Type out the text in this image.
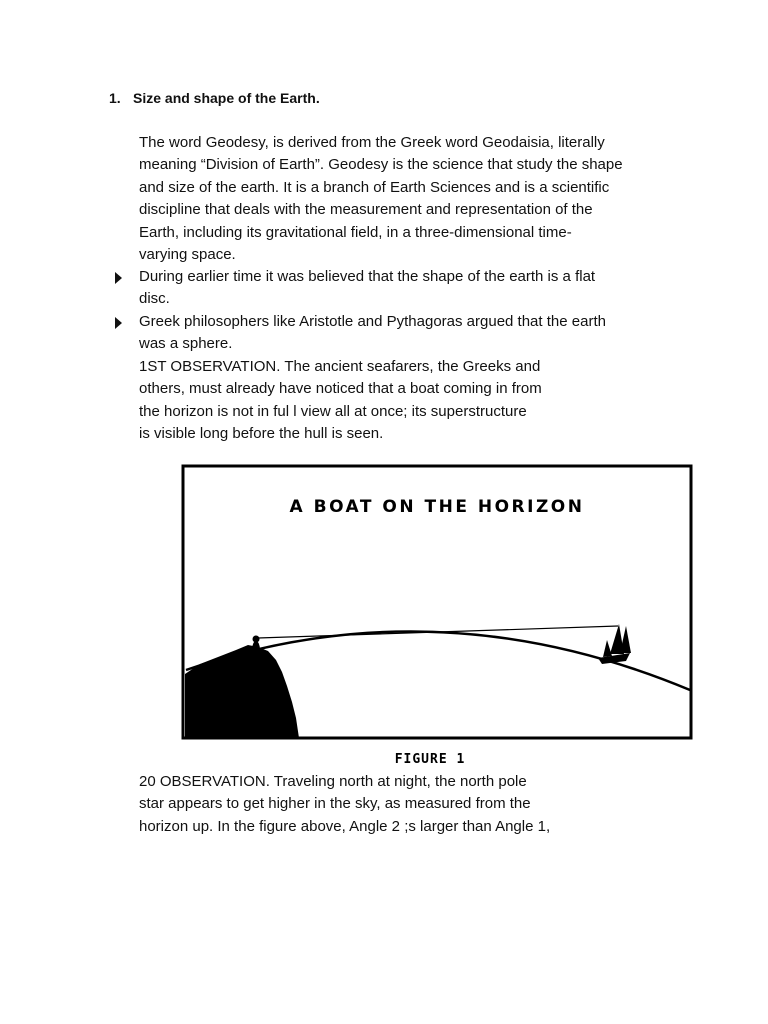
1. Size and shape of the Earth.
The word Geodesy, is derived from the Greek word Geodaisia, literally
meaning “Division of Earth”. Geodesy is the science that study the shape
and size of the earth. It is a branch of Earth Sciences and is a scientific
discipline that deals with the measurement and representation of the
Earth, including its gravitational field, in a three-dimensional time-
varying space.
During earlier time it was believed that the shape of the earth is a flat
disc.
Greek philosophers like Aristotle and Pythagoras argued that the earth
was a sphere.
1ST OBSERVATION. The ancient seafarers, the Greeks and
others, must already have noticed that a boat coming in from
the horizon is not in ful l view all at once; its superstructure
is visible long before the hull is seen.
A BOAT ON THE HORIZON
FIGURE 1
20 OBSERVATION. Traveling north at night, the north pole
star appears to get higher in the sky, as measured from the
horizon up. In the figure above, Angle 2 ;s larger than Angle 1,
